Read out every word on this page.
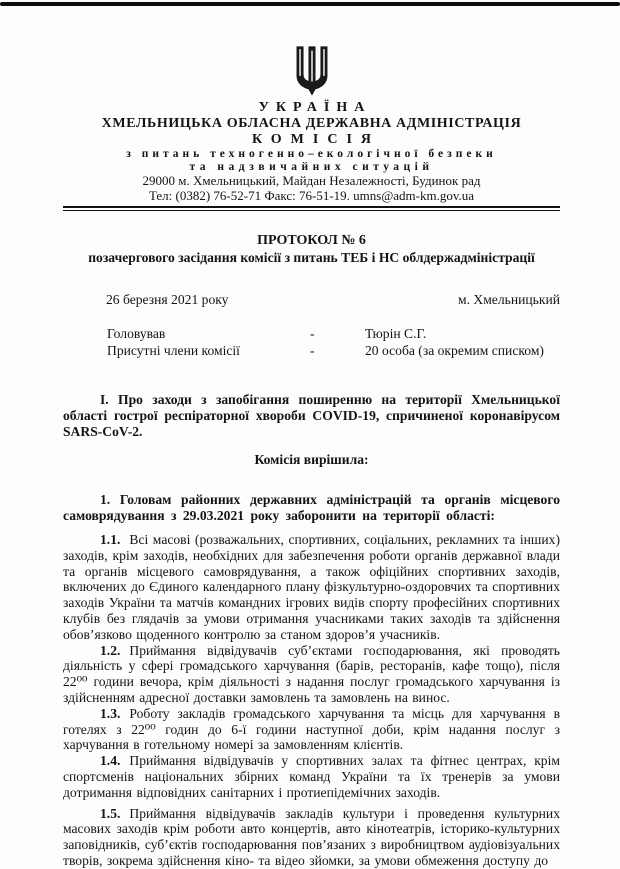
УКРАЇНА
ХМЕЛЬНИЦЬКА ОБЛАСНА ДЕРЖАВНА АДМІНІСТРАЦІЯ
КОМІСІЯ
з питань техногенно–екологічної безпеки
та надзвичайних ситуацій
29000 м. Хмельницький, Майдан Незалежності, Будинок рад
Тел: (0382) 76-52-71 Факс: 76-51-19. umns@adm-km.gov.ua
ПРОТОКОЛ № 6
позачергового засідання комісії з питань ТЕБ і НС облдержадміністрації
26 березня 2021 року	м. Хмельницький
Головував	-	Тюрін С.Г.
Присутні члени комісії	-	20 особа (за окремим списком)

І. Про заходи з запобігання поширенню на території Хмельницької області гострої респіраторної хвороби COVID-19, спричиненої коронавірусом SARS-CoV-2.

Комісія вирішила:

1. Головам районних державних адміністрацій та органів місцевого самоврядування з 29.03.2021 року заборонити на території області:

1.1. Всі масові (розважальних, спортивних, соціальних, рекламних та інших) заходів, крім заходів, необхідних для забезпечення роботи органів державної влади та органів місцевого самоврядування, а також офіційних спортивних заходів, включених до Єдиного календарного плану фізкультурно-оздоровчих та спортивних заходів України та матчів командних ігрових видів спорту професійних спортивних клубів без глядачів за умови отримання учасниками таких заходів та здійснення обов’язково щоденного контролю за станом здоров’я учасників.

1.2. Приймання відвідувачів суб’єктами господарювання, які проводять діяльність у сфері громадського харчування (барів, ресторанів, кафе тощо), після 22⁰⁰ години вечора, крім діяльності з надання послуг громадського харчування із здійсненням адресної доставки замовлень та замовлень на винос.

1.3. Роботу закладів громадського харчування та місць для харчування в готелях з 22⁰⁰ годин до 6-ї години наступної доби, крім надання послуг з харчування в готельному номері за замовленням клієнтів.

1.4. Приймання відвідувачів у спортивних залах та фітнес центрах, крім спортсменів національних збірних команд України та їх тренерів за умови дотримання відповідних санітарних і протиепідемічних заходів.

1.5. Приймання відвідувачів закладів культури і проведення культурних масових заходів крім роботи авто концертів, авто кінотеатрів, історико-культурних заповідників, суб’єктів господарювання пов’язаних з виробництвом аудіовізуальних творів, зокрема здійснення кіно- та відео зйомки, за умови обмеження доступу до
